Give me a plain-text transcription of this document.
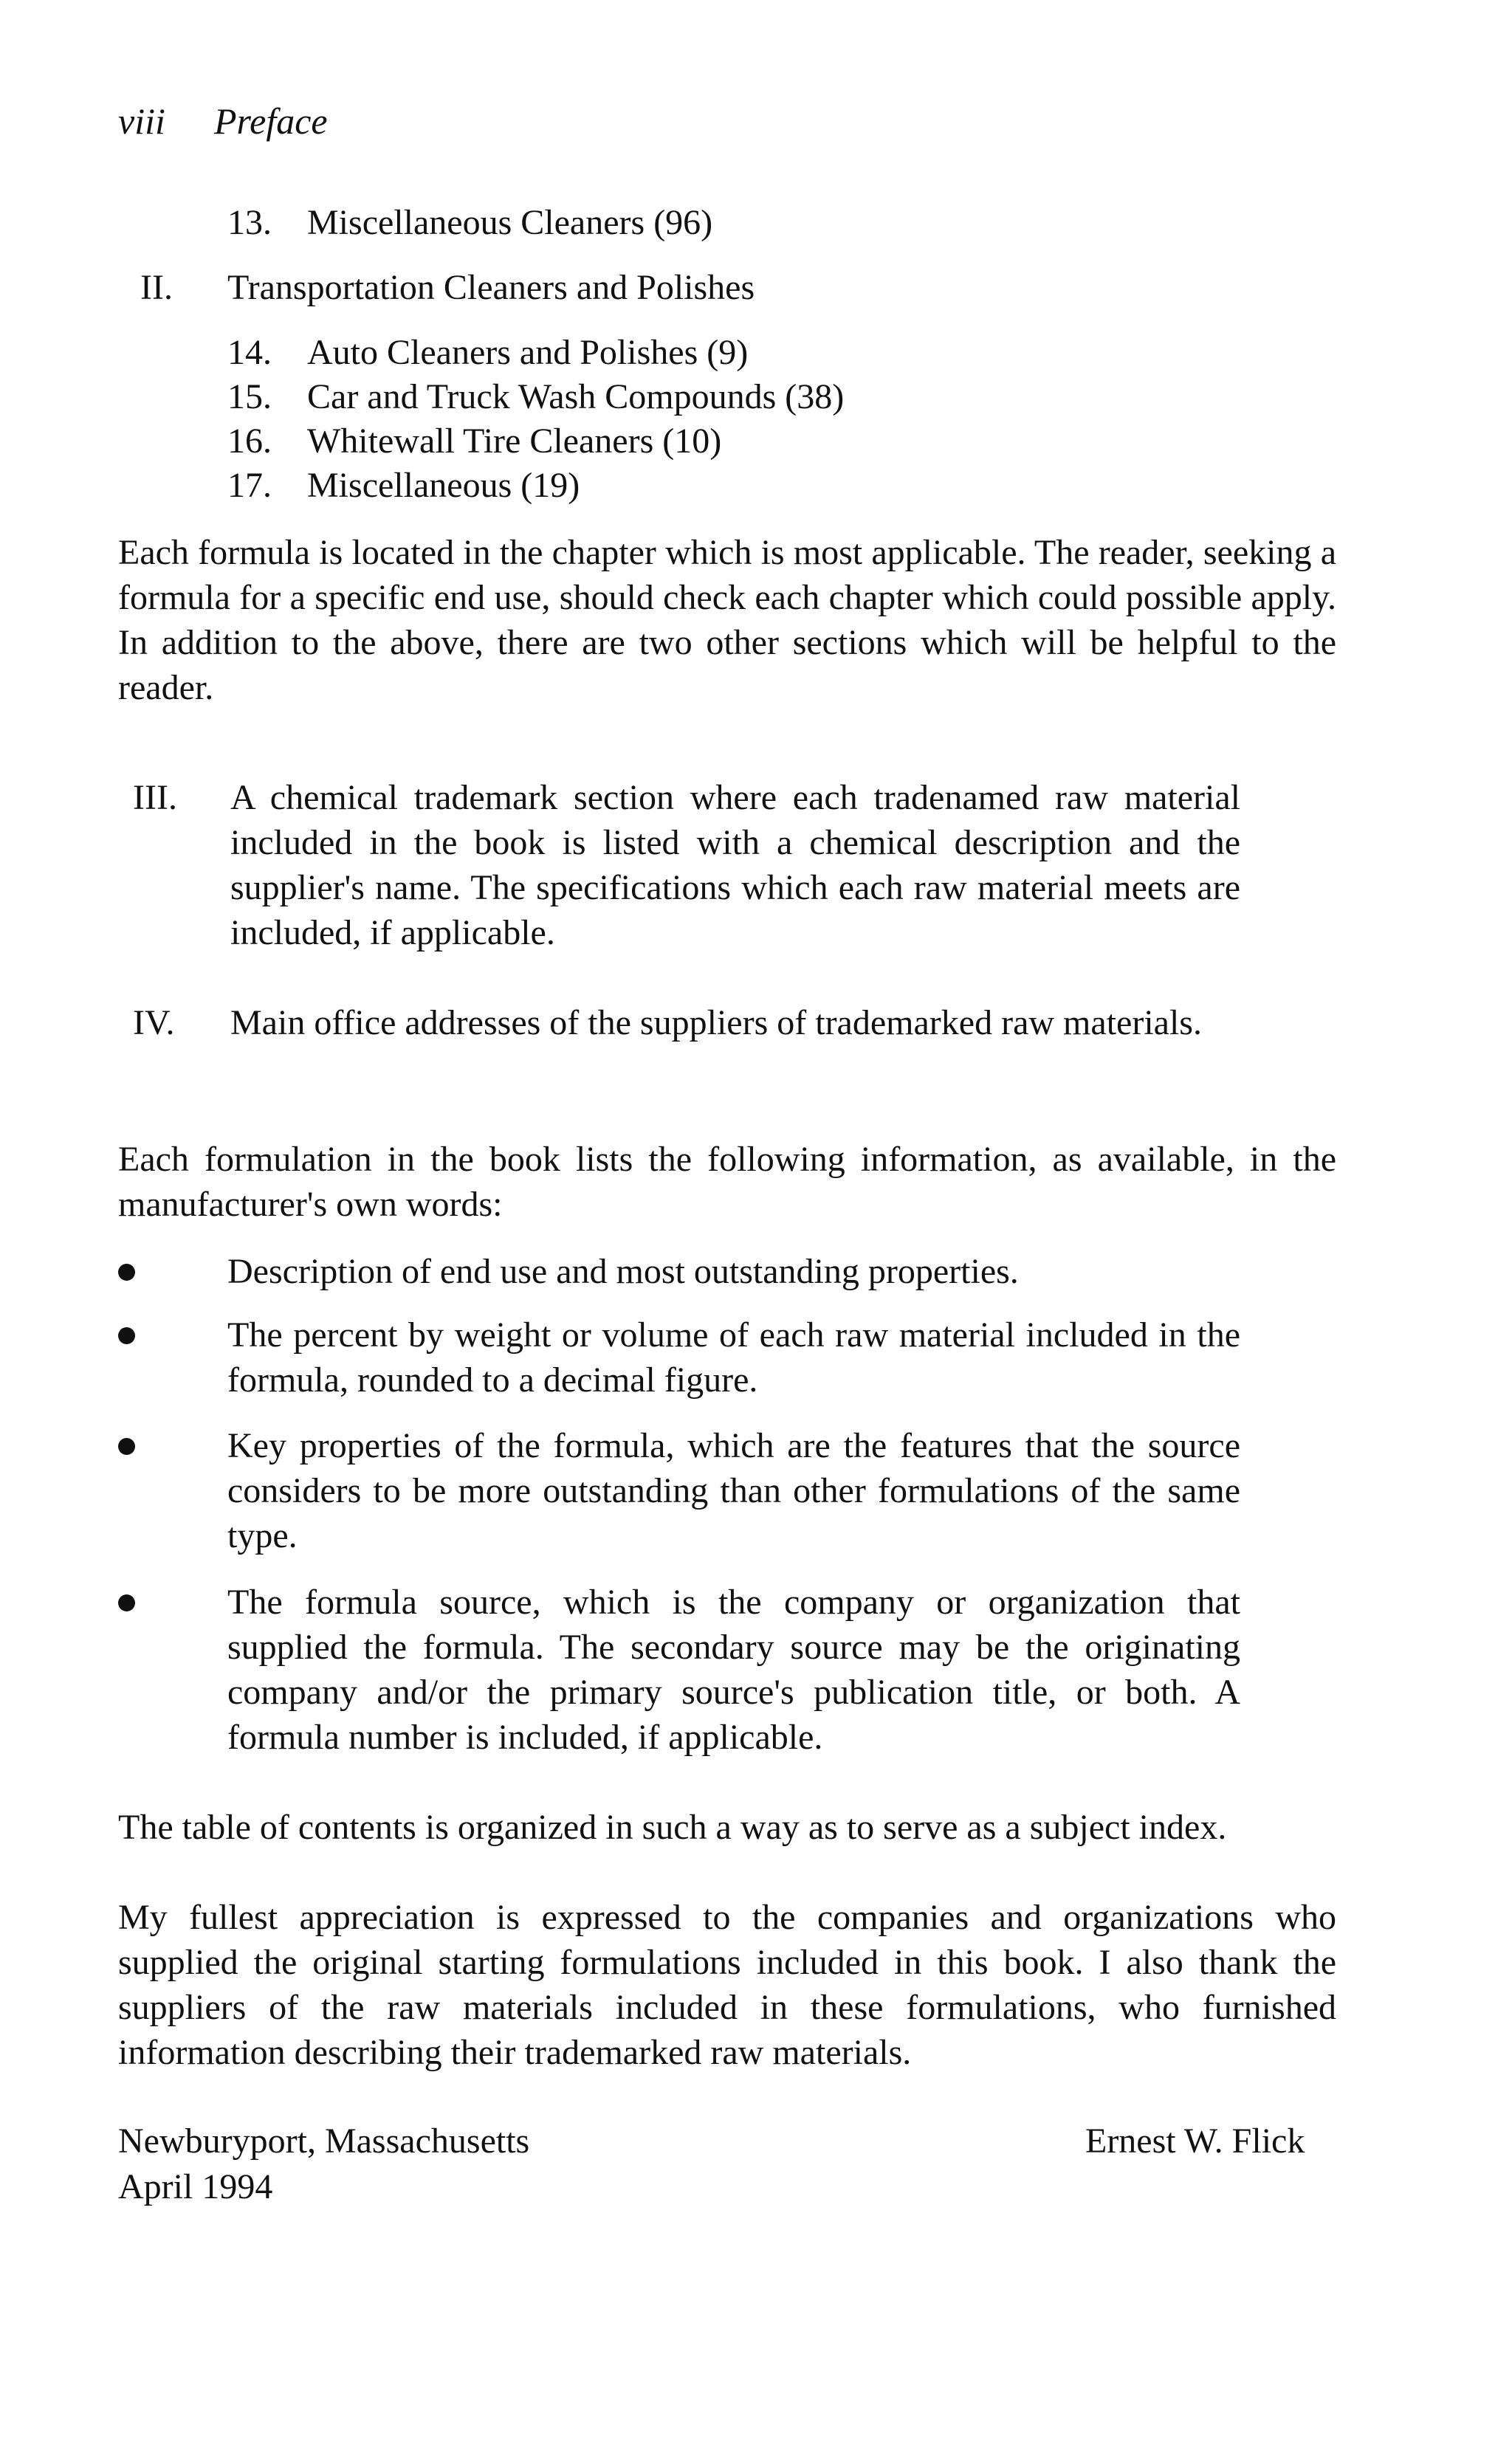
viii Preface
13.	Miscellaneous Cleaners (96)
II.	Transportation Cleaners and Polishes
14.	Auto Cleaners and Polishes (9)
15.	Car and Truck Wash Compounds (38)
16.	Whitewall Tire Cleaners (10)
17.	Miscellaneous (19)

Each formula is located in the chapter which is most applicable. The reader, seeking a formula for a specific end use, should check each chapter which could possible apply. In addition to the above, there are two other sections which will be helpful to the reader.

III.	A chemical trademark section where each tradenamed raw material included in the book is listed with a chemical description and the supplier's name. The specifications which each raw material meets are included, if applicable.
IV.	Main office addresses of the suppliers of trademarked raw materials.

Each formulation in the book lists the following information, as available, in the manufacturer's own words:

Description of end use and most outstanding properties.
The percent by weight or volume of each raw material included in the formula, rounded to a decimal figure.
Key properties of the formula, which are the features that the source considers to be more outstanding than other formulations of the same type.
The formula source, which is the company or organization that supplied the formula. The secondary source may be the originating company and/or the primary source's publication title, or both. A formula number is included, if applicable.

The table of contents is organized in such a way as to serve as a subject index.

My fullest appreciation is expressed to the companies and organizations who supplied the original starting formulations included in this book. I also thank the suppliers of the raw materials included in these formulations, who furnished information describing their trademarked raw materials.

Newburyport, Massachusetts
April 1994
Ernest W. Flick
